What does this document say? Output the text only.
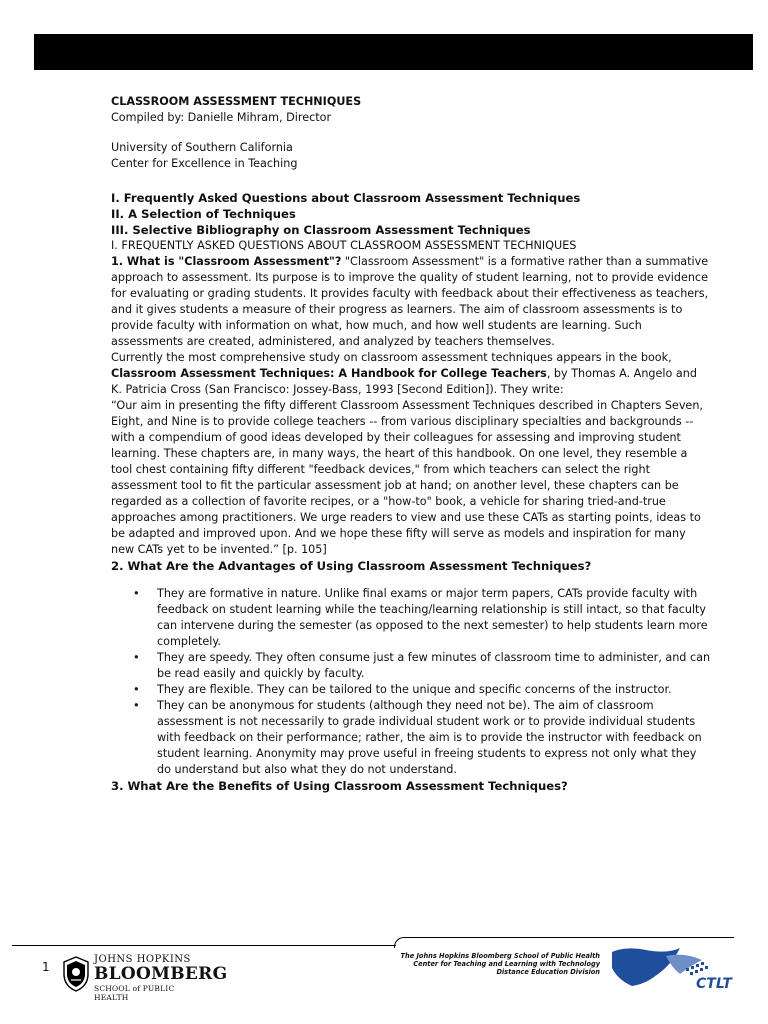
CLASSROOM ASSESSMENT TECHNIQUES

Compiled by: Danielle Mihram, Director

University of Southern California

Center for Excellence in Teaching

I. Frequently Asked Questions about Classroom Assessment Techniques

II. A Selection of Techniques

III. Selective Bibliography on Classroom Assessment Techniques

I. FREQUENTLY ASKED QUESTIONS ABOUT CLASSROOM ASSESSMENT TECHNIQUES

1. What is "Classroom Assessment"? "Classroom Assessment" is a formative rather than a summative approach to assessment. Its purpose is to improve the quality of student learning, not to provide evidence for evaluating or grading students. It provides faculty with feedback about their effectiveness as teachers, and it gives students a measure of their progress as learners. The aim of classroom assessments is to provide faculty with information on what, how much, and how well students are learning. Such assessments are created, administered, and analyzed by teachers themselves.

Currently the most comprehensive study on classroom assessment techniques appears in the book, Classroom Assessment Techniques: A Handbook for College Teachers, by Thomas A. Angelo and K. Patricia Cross (San Francisco: Jossey-Bass, 1993 [Second Edition]). They write:

“Our aim in presenting the fifty different Classroom Assessment Techniques described in Chapters Seven, Eight, and Nine is to provide college teachers -- from various disciplinary specialties and backgrounds -- with a compendium of good ideas developed by their colleagues for assessing and improving student learning. These chapters are, in many ways, the heart of this handbook. On one level, they resemble a tool chest containing fifty different "feedback devices," from which teachers can select the right assessment tool to fit the particular assessment job at hand; on another level, these chapters can be regarded as a collection of favorite recipes, or a "how-to" book, a vehicle for sharing tried-and-true approaches among practitioners. We urge readers to view and use these CATs as starting points, ideas to be adapted and improved upon. And we hope these fifty will serve as models and inspiration for many new CATs yet to be invented.” [p. 105]

2. What Are the Advantages of Using Classroom Assessment Techniques?

• They are formative in nature. Unlike final exams or major term papers, CATs provide faculty with feedback on student learning while the teaching/learning relationship is still intact, so that faculty can intervene during the semester (as opposed to the next semester) to help students learn more completely.
• They are speedy. They often consume just a few minutes of classroom time to administer, and can be read easily and quickly by faculty.
• They are flexible. They can be tailored to the unique and specific concerns of the instructor.
• They can be anonymous for students (although they need not be). The aim of classroom assessment is not necessarily to grade individual student work or to provide individual students with feedback on their performance; rather, the aim is to provide the instructor with feedback on student learning. Anonymity may prove useful in freeing students to express not only what they do understand but also what they do not understand.

3. What Are the Benefits of Using Classroom Assessment Techniques?

1
JOHNS HOPKINS
BLOOMBERG
SCHOOL of PUBLIC HEALTH
The Johns Hopkins Bloomberg School of Public Health
Center for Teaching and Learning with Technology
Distance Education Division
CTLT
